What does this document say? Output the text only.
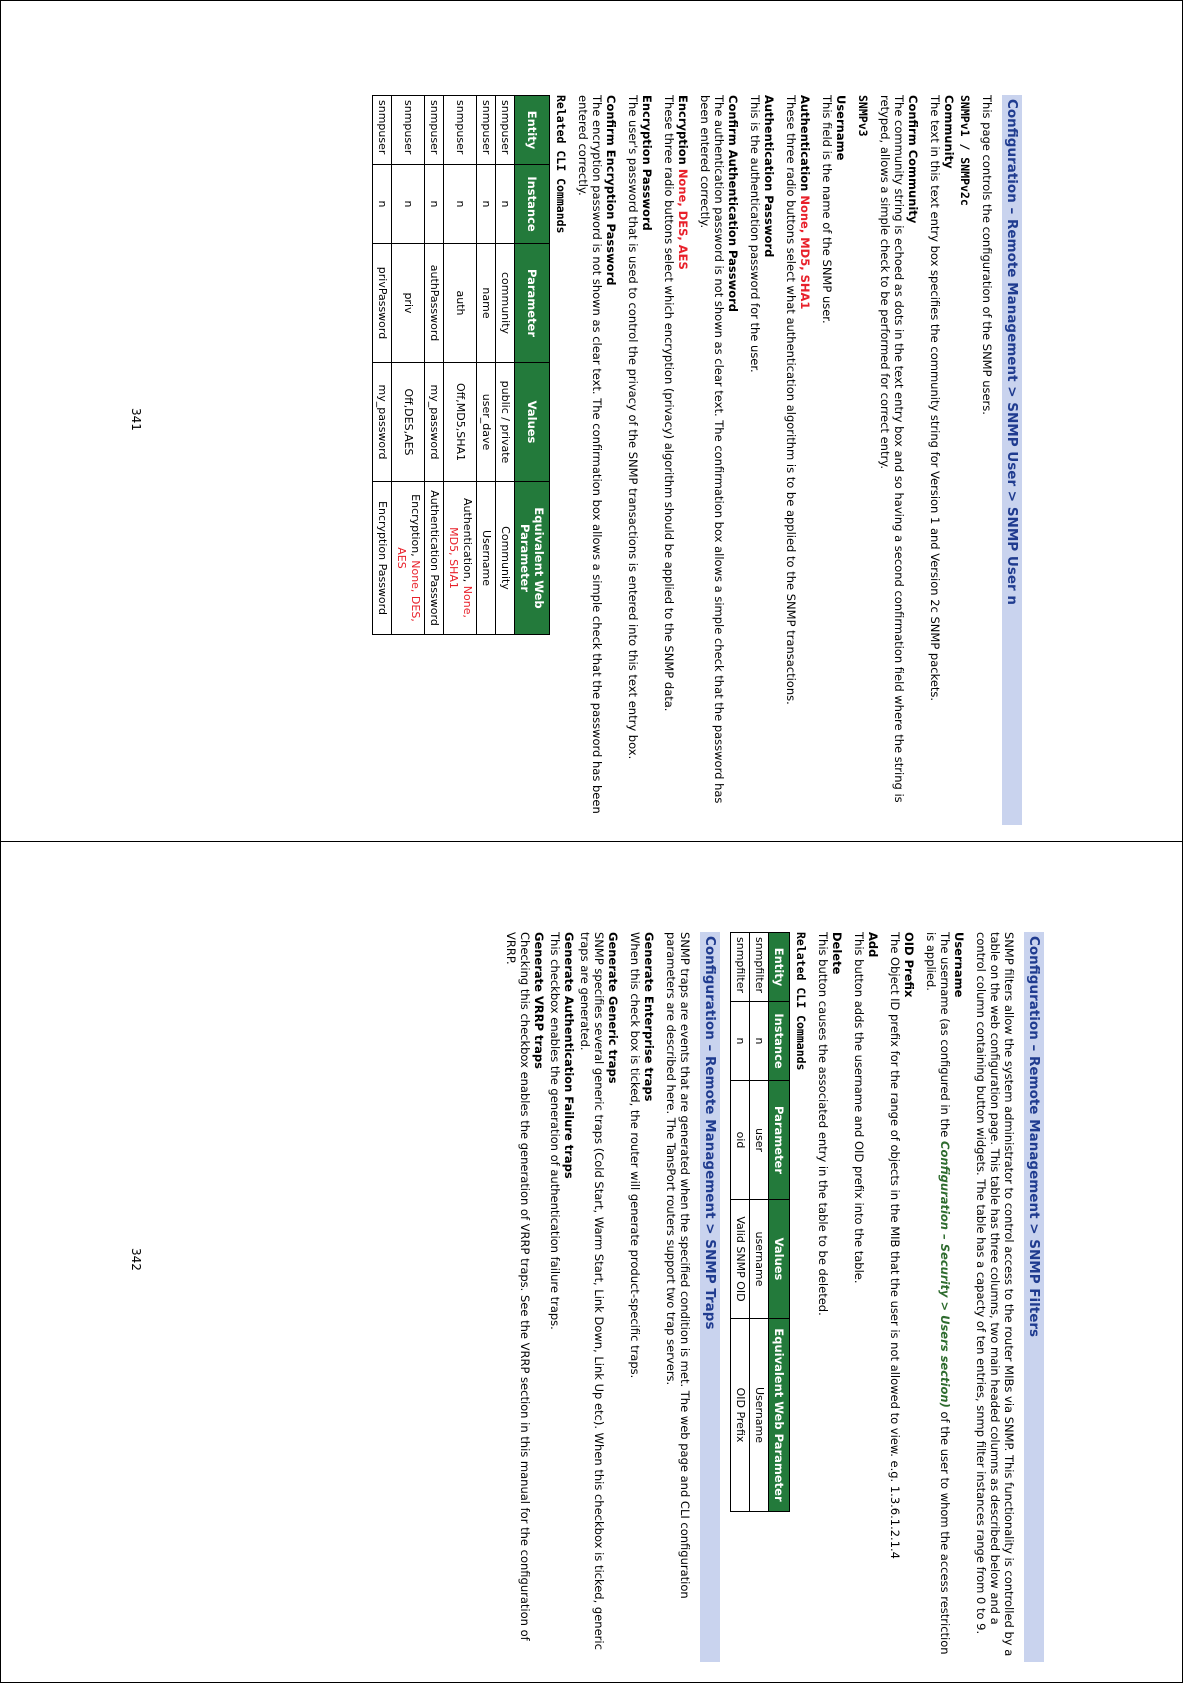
Configuration – Remote Management > SNMP User > SNMP User n

This page controls the configuration of the SNMP users.

SNMPv1 / SNMPv2c
Community

The text in this text entry box specifies the community string for Version 1 and Version 2c SNMP packets.

Confirm Community

The community string is echoed as dots in the text entry box and so having a second confirmation field where the string is retyped, allows a simple check to be performed for correct entry.

SNMPv3
Username

This field is the name of the SNMP user.

Authentication None, MD5, SHA1

These three radio buttons select what authentication algorithm is to be applied to the SNMP transactions.

Authentication Password

This is the authentication password for the user.

Confirm Authentication Password

The authentication password is not shown as clear text. The confirmation box allows a simple check that the password has been entered correctly.

Encryption None, DES, AES

These three radio buttons select which encryption (privacy) algorithm should be applied to the SNMP data.

Encryption Password

The user's password that is used to control the privacy of the SNMP transactions is entered into this text entry box.

Confirm Encryption Password

The encryption password is not shown as clear text. The confirmation box allows a simple check that the password has been entered correctly.

Related CLI Commands
Entity	Instance	Parameter	Values	Equivalent Web Parameter
snmpuser	n	community	public / private	Community
snmpuser	n	name	user_dave	Username
snmpuser	n	auth	Off,MD5,SHA1	Authentication, None, MD5, SHA1
snmpuser	n	authPassword	my_password	Authentication Password
snmpuser	n	priv	Off,DES,AES	Encryption, None, DES, AES
snmpuser	n	privPassword	my_password	Encryption Password
341
Configuration – Remote Management > SNMP Filters

SNMP filters allow the system administrator to control access to the router MIBs via SNMP. This functionality is controlled by a table on the web configuration page. This table has three columns, two main headed columns as described below and a control column containing button widgets. The table has a capacty of ten entries, snmp filter instances range from 0 to 9.

Username

The username (as configured in the Configuration – Security > Users section) of the user to whom the access restriction is applied.

OID Prefix

The Object ID prefix for the range of objects in the MIB that the user is not allowed to view. e.g. 1.3.6.1.2.1.4

Add

This button adds the username and OID prefix into the table.

Delete

This button causes the associated entry in the table to be deleted.

Related CLI Commands
Entity	Instance	Parameter	Values	Equivalent Web Parameter
snmpfilter	n	user	username	Username
snmpfilter	n	oid	Valid SNMP OID	OID Prefix
Configuration – Remote Management > SNMP Traps

SNMP traps are events that are generated when the specified condition is met. The web page and CLI configuration parameters are described here. The TansPort routers support two trap servers.

Generate Enterprise traps

When this check box is ticked, the router will generate product-specific traps.

Generate Generic traps

SNMP specifies several generic traps (Cold Start, Warm Start, Link Down, Link Up etc). When this checkbox is ticked, generic traps are generated.

Generate Authentication Failure traps

This checkbox enables the generation of authentication failure traps.

Generate VRRP traps

Checking this checkbox enables the generation of VRRP traps. See the VRRP section in this manual for the configuration of VRRP.

342
